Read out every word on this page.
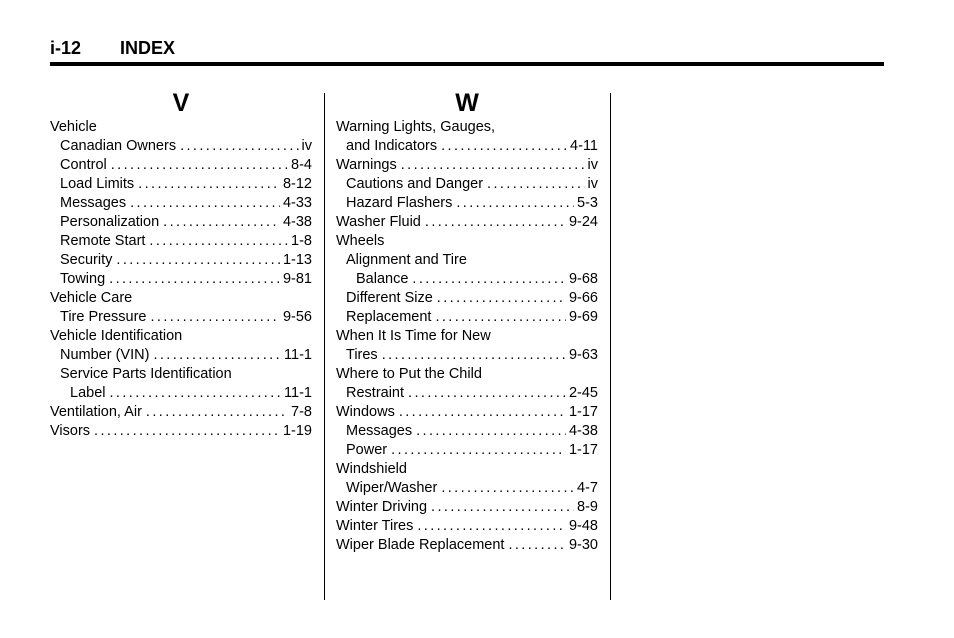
i-12 INDEX
V
Vehicle
Canadian Owners .....	iv
Control .....	8-4
Load Limits .....	8-12
Messages .....	4-33
Personalization .....	4-38
Remote Start .....	1-8
Security .....	1-13
Towing .....	9-81
Vehicle Care
Tire Pressure .....	9-56
Vehicle Identification
Number (VIN) .....	11-1
Service Parts Identification
Label .....	11-1
Ventilation, Air .....	7-8
Visors .....	1-19
W
Warning Lights, Gauges,
and Indicators .....	4-11
Warnings .....	iv
Cautions and Danger .....	iv
Hazard Flashers .....	5-3
Washer Fluid .....	9-24
Wheels
Alignment and Tire
Balance .....	9-68
Different Size .....	9-66
Replacement .....	9-69
When It Is Time for New
Tires .....	9-63
Where to Put the Child
Restraint .....	2-45
Windows .....	1-17
Messages .....	4-38
Power .....	1-17
Windshield
Wiper/Washer .....	4-7
Winter Driving .....	8-9
Winter Tires .....	9-48
Wiper Blade Replacement .....	9-30
